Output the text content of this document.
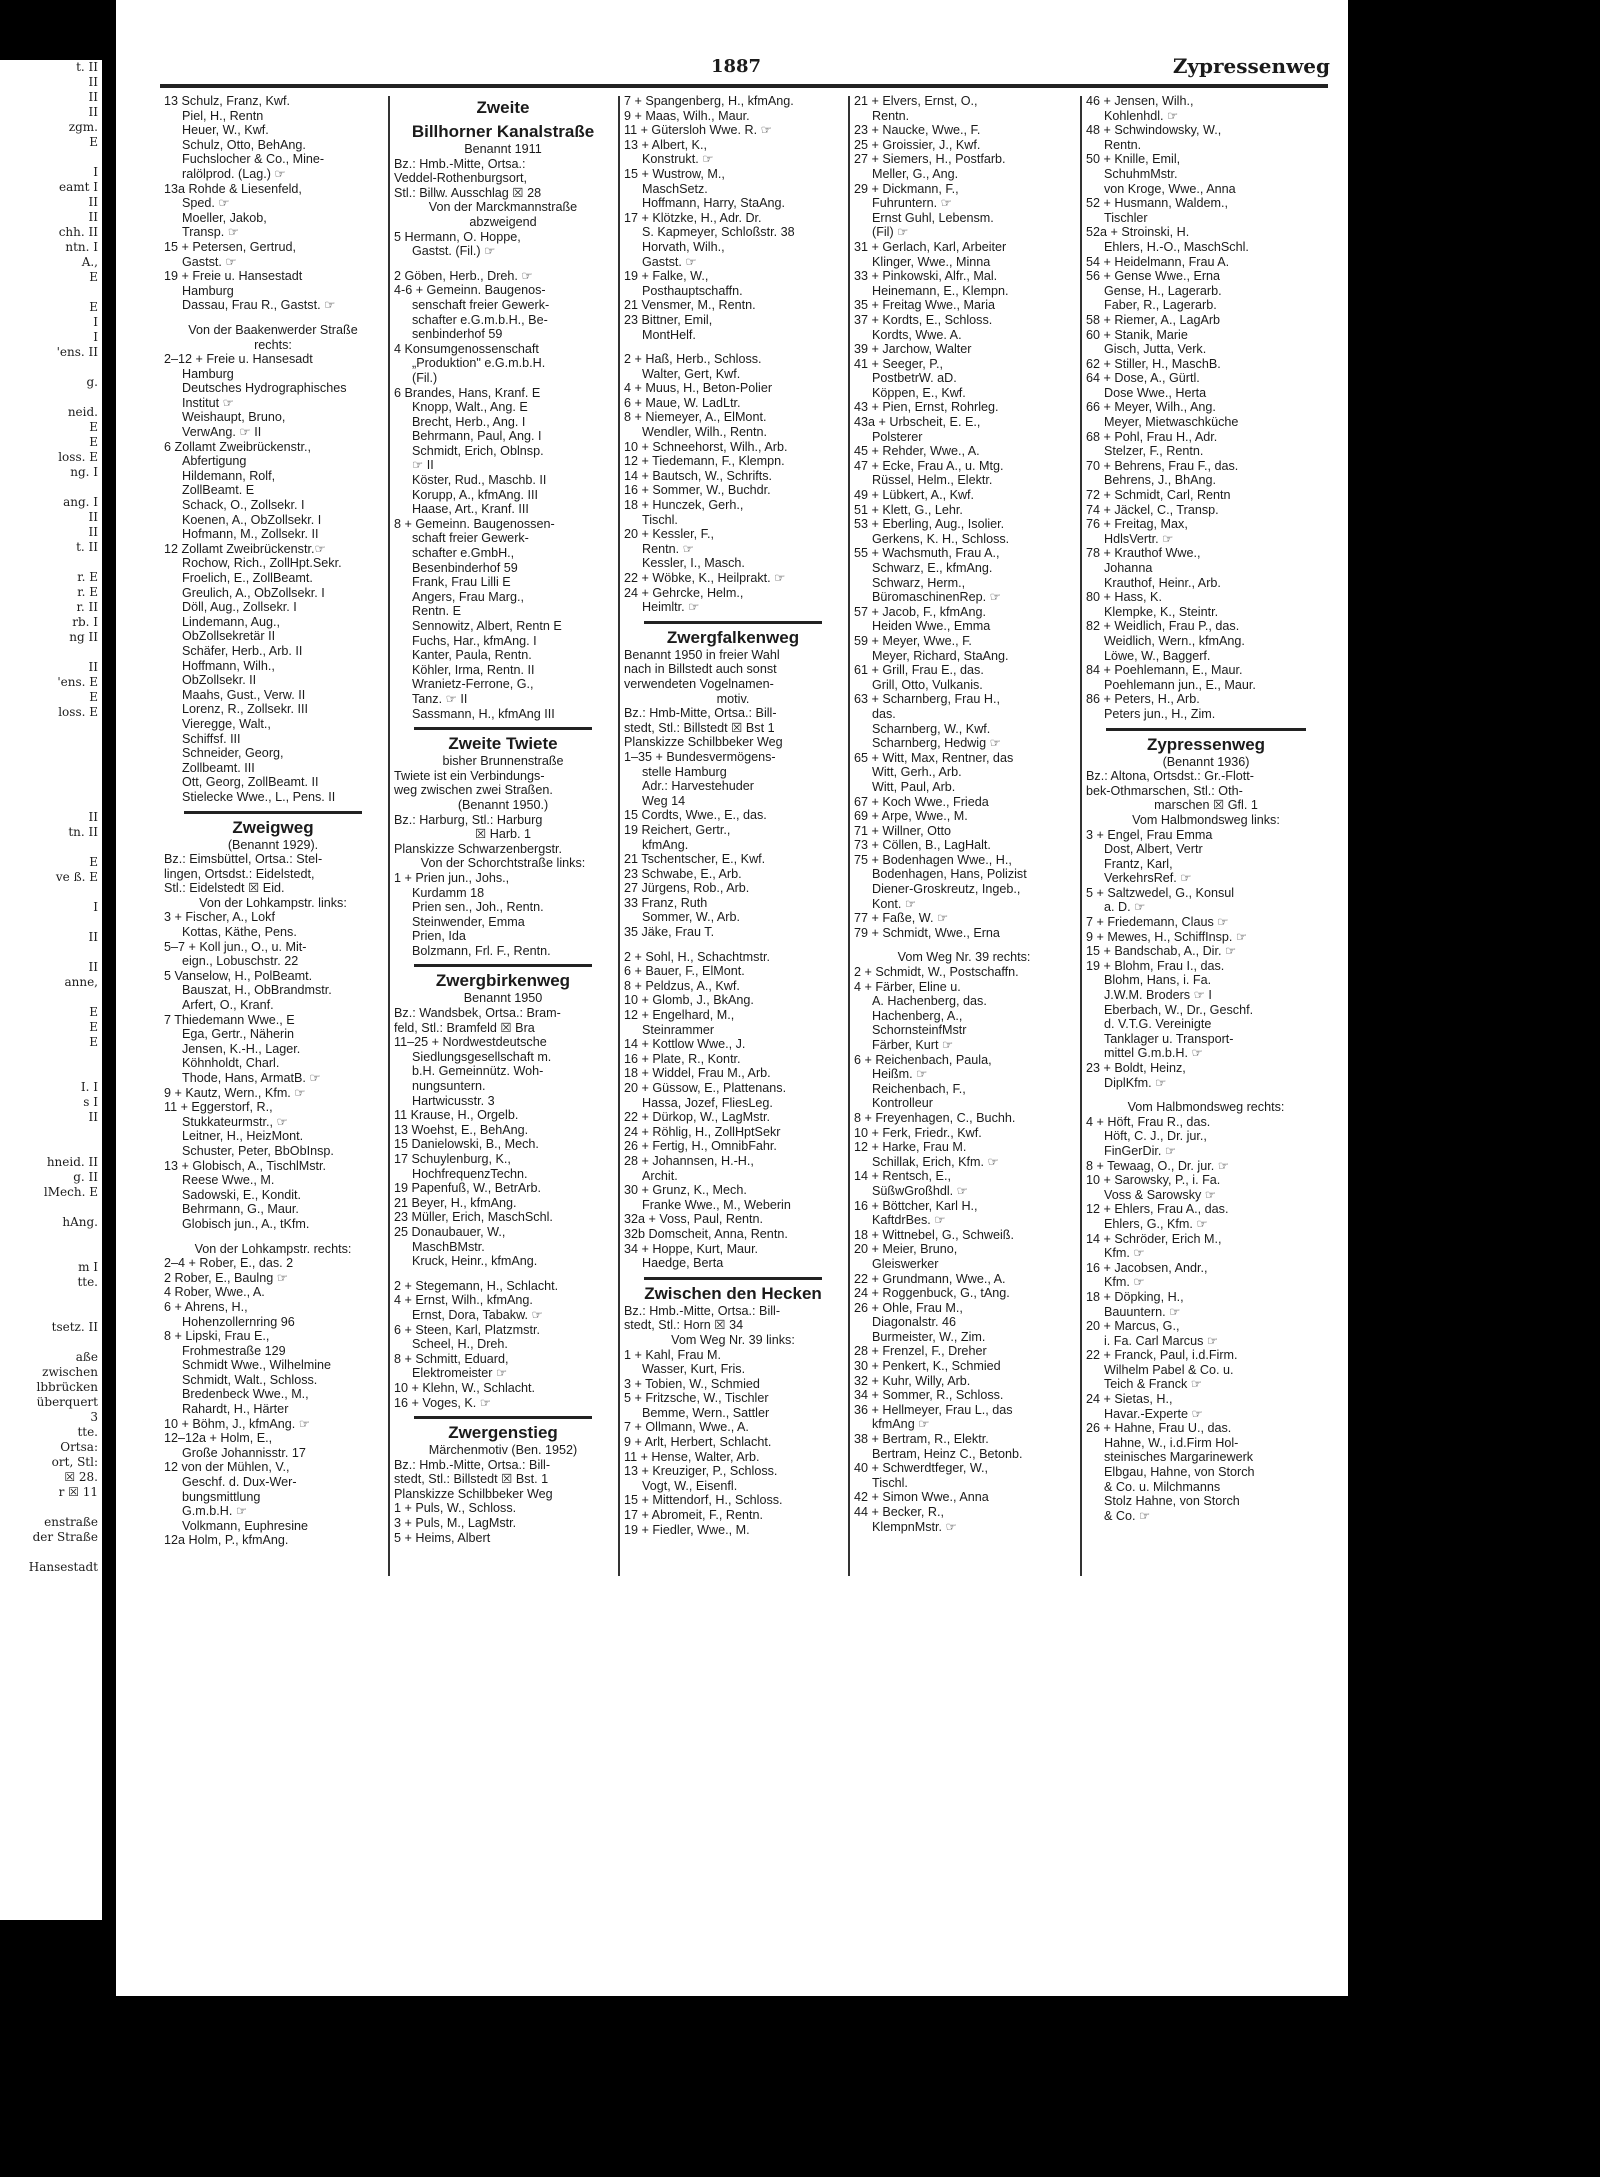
t. II
II
II
II
zgm.
E
I
eamt I
II
II
chh. II
ntn. I
A.,
E
E
I
I
'ens. II
g.
neid.
E
E
loss. E
ng. I
ang. I
II
II
t. II
r. E
r. E
r. II
rb. I
ng II
II
'ens. E
E
loss. E
II
tn. II
E
ve ß. E
I
II
II
anne,
E
E
E
I. I
s I
II
hneid. II
g. II
lMech. E
hAng.
m I
tte.
tsetz. II
aße
zwischen
lbbrücken
überquert
3
tte.
Ortsa:
ort, Stl:
☒ 28.
r ☒ 11
enstraße
der Straße
Hansestadt
1887	Zypressenweg
13 Schulz, Franz, Kwf.
Piel, H., Rentn
Heuer, W., Kwf.
Schulz, Otto, BehAng.
Fuchslocher & Co., Mine-
ralölprod. (Lag.) ☞
13a Rohde & Liesenfeld,
Sped. ☞
Moeller, Jakob,
Transp. ☞
15 + Petersen, Gertrud,
Gastst. ☞
19 + Freie u. Hansestadt
Hamburg
Dassau, Frau R., Gastst. ☞
Von der Baakenwerder Straße
rechts:
2–12 + Freie u. Hansesadt
Hamburg
Deutsches Hydrographisches
Institut ☞
Weishaupt, Bruno,
VerwAng. ☞ II
6 Zollamt Zweibrückenstr.,
Abfertigung
Hildemann, Rolf,
ZollBeamt. E
Schack, O., Zollsekr. I
Koenen, A., ObZollsekr. I
Hofmann, M., Zollsekr. II
12 Zollamt Zweibrückenstr.☞
Rochow, Rich., ZollHpt.Sekr.
Froelich, E., ZollBeamt.
Greulich, A., ObZollsekr. I
Döll, Aug., Zollsekr. I
Lindemann, Aug.,
ObZollsekretär II
Schäfer, Herb., Arb. II
Hoffmann, Wilh.,
ObZollsekr. II
Maahs, Gust., Verw. II
Lorenz, R., Zollsekr. III
Vieregge, Walt.,
Schiffsf. III
Schneider, Georg,
Zollbeamt. III
Ott, Georg, ZollBeamt. II
Stielecke Wwe., L., Pens. II
Zweigweg
(Benannt 1929).
Bz.: Eimsbüttel, Ortsa.: Stel-
lingen, Ortsdst.: Eidelstedt,
Stl.: Eidelstedt ☒ Eid.
Von der Lohkampstr. links:
3 + Fischer, A., Lokf
Kottas, Käthe, Pens.
5–7 + Koll jun., O., u. Mit-
eign., Lobuschstr. 22
5 Vanselow, H., PolBeamt.
Bauszat, H., ObBrandmstr.
Arfert, O., Kranf.
7 Thiedemann Wwe., E
Ega, Gertr., Näherin
Jensen, K.-H., Lager.
Köhnholdt, Charl.
Thode, Hans, ArmatB. ☞
9 + Kautz, Wern., Kfm. ☞
11 + Eggerstorf, R.,
Stukkateurmstr., ☞
Leitner, H., HeizMont.
Schuster, Peter, BbObInsp.
13 + Globisch, A., TischlMstr.
Reese Wwe., M.
Sadowski, E., Kondit.
Behrmann, G., Maur.
Globisch jun., A., tKfm.
Von der Lohkampstr. rechts:
2–4 + Rober, E., das. 2
2 Rober, E., Baulng ☞
4 Rober, Wwe., A.
6 + Ahrens, H.,
Hohenzollernring 96
8 + Lipski, Frau E.,
Frohmestraße 129
Schmidt Wwe., Wilhelmine
Schmidt, Walt., Schloss.
Bredenbeck Wwe., M.,
Rahardt, H., Härter
10 + Böhm, J., kfmAng. ☞
12–12a + Holm, E.,
Große Johannisstr. 17
12 von der Mühlen, V.,
Geschf. d. Dux-Wer-
bungsmittlung
G.m.b.H. ☞
Volkmann, Euphresine
12a Holm, P., kfmAng.
Zweite
Billhorner Kanalstraße
Benannt 1911
Bz.: Hmb.-Mitte, Ortsa.:
Veddel-Rothenburgsort,
Stl.: Billw. Ausschlag ☒ 28
Von der Marckmannstraße
abzweigend
5 Hermann, O. Hoppe,
Gastst. (Fil.) ☞
2 Göben, Herb., Dreh. ☞
4-6 + Gemeinn. Baugenos-
senschaft freier Gewerk-
schafter e.G.m.b.H., Be-
senbinderhof 59
4 Konsumgenossenschaft
„Produktion" e.G.m.b.H.
(Fil.)
6 Brandes, Hans, Kranf. E
Knopp, Walt., Ang. E
Brecht, Herb., Ang. I
Behrmann, Paul, Ang. I
Schmidt, Erich, Oblnsp.
☞ II
Köster, Rud., Maschb. II
Korupp, A., kfmAng. III
Haase, Art., Kranf. III
8 + Gemeinn. Baugenossen-
schaft freier Gewerk-
schafter e.GmbH.,
Besenbinderhof 59
Frank, Frau Lilli E
Angers, Frau Marg.,
Rentn. E
Sennowitz, Albert, Rentn E
Fuchs, Har., kfmAng. I
Kanter, Paula, Rentn.
Köhler, Irma, Rentn. II
Wranietz-Ferrone, G.,
Tanz. ☞ II
Sassmann, H., kfmAng III
Zweite Twiete
bisher Brunnenstraße
Twiete ist ein Verbindungs-
weg zwischen zwei Straßen.
(Benannt 1950.)
Bz.: Harburg, Stl.: Harburg
☒ Harb. 1
Planskizze Schwarzenbergstr.
Von der Schorchtstraße links:
1 + Prien jun., Johs.,
Kurdamm 18
Prien sen., Joh., Rentn.
Steinwender, Emma
Prien, Ida
Bolzmann, Frl. F., Rentn.
Zwergbirkenweg
Benannt 1950
Bz.: Wandsbek, Ortsa.: Bram-
feld, Stl.: Bramfeld ☒ Bra
11–25 + Nordwestdeutsche
Siedlungsgesellschaft m.
b.H. Gemeinnütz. Woh-
nungsuntern.
Hartwicusstr. 3
11 Krause, H., Orgelb.
13 Woehst, E., BehAng.
15 Danielowski, B., Mech.
17 Schuylenburg, K.,
HochfrequenzTechn.
19 Papenfuß, W., BetrArb.
21 Beyer, H., kfmAng.
23 Müller, Erich, MaschSchl.
25 Donaubauer, W.,
MaschBMstr.
Kruck, Heinr., kfmAng.
2 + Stegemann, H., Schlacht.
4 + Ernst, Wilh., kfmAng.
Ernst, Dora, Tabakw. ☞
6 + Steen, Karl, Platzmstr.
Scheel, H., Dreh.
8 + Schmitt, Eduard,
Elektromeister ☞
10 + Klehn, W., Schlacht.
16 + Voges, K. ☞
Zwergenstieg
Märchenmotiv (Ben. 1952)
Bz.: Hmb.-Mitte, Ortsa.: Bill-
stedt, Stl.: Billstedt ☒ Bst. 1
Planskizze Schilbbeker Weg
1 + Puls, W., Schloss.
3 + Puls, M., LagMstr.
5 + Heims, Albert
7 + Spangenberg, H., kfmAng.
9 + Maas, Wilh., Maur.
11 + Gütersloh Wwe. R. ☞
13 + Albert, K.,
Konstrukt. ☞
15 + Wustrow, M.,
MaschSetz.
Hoffmann, Harry, StaAng.
17 + Klötzke, H., Adr. Dr.
S. Kapmeyer, Schloßstr. 38
Horvath, Wilh.,
Gastst. ☞
19 + Falke, W.,
Posthauptschaffn.
21 Vensmer, M., Rentn.
23 Bittner, Emil,
MontHelf.
2 + Haß, Herb., Schloss.
Walter, Gert, Kwf.
4 + Muus, H., Beton-Polier
6 + Maue, W. LadLtr.
8 + Niemeyer, A., ElMont.
Wendler, Wilh., Rentn.
10 + Schneehorst, Wilh., Arb.
12 + Tiedemann, F., Klempn.
14 + Bautsch, W., Schrifts.
16 + Sommer, W., Buchdr.
18 + Hunczek, Gerh.,
Tischl.
20 + Kessler, F.,
Rentn. ☞
Kessler, I., Masch.
22 + Wöbke, K., Heilprakt. ☞
24 + Gehrcke, Helm.,
Heimltr. ☞
Zwergfalkenweg
Benannt 1950 in freier Wahl
nach in Billstedt auch sonst
verwendeten Vogelnamen-
motiv.
Bz.: Hmb-Mitte, Ortsa.: Bill-
stedt, Stl.: Billstedt ☒ Bst 1
Planskizze Schilbbeker Weg
1–35 + Bundesvermögens-
stelle Hamburg
Adr.: Harvestehuder
Weg 14
15 Cordts, Wwe., E., das.
19 Reichert, Gertr.,
kfmAng.
21 Tschentscher, E., Kwf.
23 Schwabe, E., Arb.
27 Jürgens, Rob., Arb.
33 Franz, Ruth
Sommer, W., Arb.
35 Jäke, Frau T.
2 + Sohl, H., Schachtmstr.
6 + Bauer, F., ElMont.
8 + Peldzus, A., Kwf.
10 + Glomb, J., BkAng.
12 + Engelhard, M.,
Steinrammer
14 + Kottlow Wwe., J.
16 + Plate, R., Kontr.
18 + Widdel, Frau M., Arb.
20 + Güssow, E., Plattenans.
Hassa, Jozef, FliesLeg.
22 + Dürkop, W., LagMstr.
24 + Röhlig, H., ZollHptSekr
26 + Fertig, H., OmnibFahr.
28 + Johannsen, H.-H.,
Archit.
30 + Grunz, K., Mech.
Franke Wwe., M., Weberin
32a + Voss, Paul, Rentn.
32b Domscheit, Anna, Rentn.
34 + Hoppe, Kurt, Maur.
Haedge, Berta
Zwischen den Hecken
Bz.: Hmb.-Mitte, Ortsa.: Bill-
stedt, Stl.: Horn ☒ 34
Vom Weg Nr. 39 links:
1 + Kahl, Frau M.
Wasser, Kurt, Fris.
3 + Tobien, W., Schmied
5 + Fritzsche, W., Tischler
Bemme, Wern., Sattler
7 + Ollmann, Wwe., A.
9 + Arlt, Herbert, Schlacht.
11 + Hense, Walter, Arb.
13 + Kreuziger, P., Schloss.
Vogt, W., Eisenfl.
15 + Mittendorf, H., Schloss.
17 + Abromeit, F., Rentn.
19 + Fiedler, Wwe., M.
21 + Elvers, Ernst, O.,
Rentn.
23 + Naucke, Wwe., F.
25 + Groissier, J., Kwf.
27 + Siemers, H., Postfarb.
Meller, G., Ang.
29 + Dickmann, F.,
Fuhruntern. ☞
Ernst Guhl, Lebensm.
(Fil) ☞
31 + Gerlach, Karl, Arbeiter
Klinger, Wwe., Minna
33 + Pinkowski, Alfr., Mal.
Heinemann, E., Klempn.
35 + Freitag Wwe., Maria
37 + Kordts, E., Schloss.
Kordts, Wwe. A.
39 + Jarchow, Walter
41 + Seeger, P.,
PostbetrW. aD.
Köppen, E., Kwf.
43 + Pien, Ernst, Rohrleg.
43a + Urbscheit, E. E.,
Polsterer
45 + Rehder, Wwe., A.
47 + Ecke, Frau A., u. Mtg.
Rüssel, Helm., Elektr.
49 + Lübkert, A., Kwf.
51 + Klett, G., Lehr.
53 + Eberling, Aug., Isolier.
Gerkens, K. H., Schloss.
55 + Wachsmuth, Frau A.,
Schwarz, E., kfmAng.
Schwarz, Herm.,
BüromaschinenRep. ☞
57 + Jacob, F., kfmAng.
Heiden Wwe., Emma
59 + Meyer, Wwe., F.
Meyer, Richard, StaAng.
61 + Grill, Frau E., das.
Grill, Otto, Vulkanis.
63 + Scharnberg, Frau H.,
das.
Scharnberg, W., Kwf.
Scharnberg, Hedwig ☞
65 + Witt, Max, Rentner, das
Witt, Gerh., Arb.
Witt, Paul, Arb.
67 + Koch Wwe., Frieda
69 + Arpe, Wwe., M.
71 + Willner, Otto
73 + Cöllen, B., LagHalt.
75 + Bodenhagen Wwe., H.,
Bodenhagen, Hans, Polizist
Diener-Groskreutz, Ingeb.,
Kont. ☞
77 + Faße, W. ☞
79 + Schmidt, Wwe., Erna
Vom Weg Nr. 39 rechts:
2 + Schmidt, W., Postschaffn.
4 + Färber, Eline u.
A. Hachenberg, das.
Hachenberg, A.,
SchornsteinfMstr
Färber, Kurt ☞
6 + Reichenbach, Paula,
Heißm. ☞
Reichenbach, F.,
Kontrolleur
8 + Freyenhagen, C., Buchh.
10 + Ferk, Friedr., Kwf.
12 + Harke, Frau M.
Schillak, Erich, Kfm. ☞
14 + Rentsch, E.,
SüßwGroßhdl. ☞
16 + Böttcher, Karl H.,
KaftdrBes. ☞
18 + Wittnebel, G., Schweiß.
20 + Meier, Bruno,
Gleiswerker
22 + Grundmann, Wwe., A.
24 + Roggenbuck, G., tAng.
26 + Ohle, Frau M.,
Diagonalstr. 46
Burmeister, W., Zim.
28 + Frenzel, F., Dreher
30 + Penkert, K., Schmied
32 + Kuhr, Willy, Arb.
34 + Sommer, R., Schloss.
36 + Hellmeyer, Frau L., das
kfmAng ☞
38 + Bertram, R., Elektr.
Bertram, Heinz C., Betonb.
40 + Schwerdtfeger, W.,
Tischl.
42 + Simon Wwe., Anna
44 + Becker, R.,
KlempnMstr. ☞
46 + Jensen, Wilh.,
Kohlenhdl. ☞
48 + Schwindowsky, W.,
Rentn.
50 + Knille, Emil,
SchuhmMstr.
von Kroge, Wwe., Anna
52 + Husmann, Waldem.,
Tischler
52a + Stroinski, H.
Ehlers, H.-O., MaschSchl.
54 + Heidelmann, Frau A.
56 + Gense Wwe., Erna
Gense, H., Lagerarb.
Faber, R., Lagerarb.
58 + Riemer, A., LagArb
60 + Stanik, Marie
Gisch, Jutta, Verk.
62 + Stiller, H., MaschB.
64 + Dose, A., Gürtl.
Dose Wwe., Herta
66 + Meyer, Wilh., Ang.
Meyer, Mietwaschküche
68 + Pohl, Frau H., Adr.
Stelzer, F., Rentn.
70 + Behrens, Frau F., das.
Behrens, J., BhAng.
72 + Schmidt, Carl, Rentn
74 + Jäckel, C., Transp.
76 + Freitag, Max,
HdlsVertr. ☞
78 + Krauthof Wwe.,
Johanna
Krauthof, Heinr., Arb.
80 + Hass, K.
Klempke, K., Steintr.
82 + Weidlich, Frau P., das.
Weidlich, Wern., kfmAng.
Löwe, W., Baggerf.
84 + Poehlemann, E., Maur.
Poehlemann jun., E., Maur.
86 + Peters, H., Arb.
Peters jun., H., Zim.
Zypressenweg
(Benannt 1936)
Bz.: Altona, Ortsdst.: Gr.-Flott-
bek-Othmarschen, Stl.: Oth-
marschen ☒ Gfl. 1
Vom Halbmondsweg links:
3 + Engel, Frau Emma
Dost, Albert, Vertr
Frantz, Karl,
VerkehrsRef. ☞
5 + Saltzwedel, G., Konsul
a. D. ☞
7 + Friedemann, Claus ☞
9 + Mewes, H., SchiffInsp. ☞
15 + Bandschab, A., Dir. ☞
19 + Blohm, Frau I., das.
Blohm, Hans, i. Fa.
J.W.M. Broders ☞ I
Eberbach, W., Dr., Geschf.
d. V.T.G. Vereinigte
Tanklager u. Transport-
mittel G.m.b.H. ☞
23 + Boldt, Heinz,
DiplKfm. ☞
Vom Halbmondsweg rechts:
4 + Höft, Frau R., das.
Höft, C. J., Dr. jur.,
FinGerDir. ☞
8 + Tewaag, O., Dr. jur. ☞
10 + Sarowsky, P., i. Fa.
Voss & Sarowsky ☞
12 + Ehlers, Frau A., das.
Ehlers, G., Kfm. ☞
14 + Schröder, Erich M.,
Kfm. ☞
16 + Jacobsen, Andr.,
Kfm. ☞
18 + Döpking, H.,
Bauuntern. ☞
20 + Marcus, G.,
i. Fa. Carl Marcus ☞
22 + Franck, Paul, i.d.Firm.
Wilhelm Pabel & Co. u.
Teich & Franck ☞
24 + Sietas, H.,
Havar.-Experte ☞
26 + Hahne, Frau U., das.
Hahne, W., i.d.Firm Hol-
steinisches Margarinewerk
Elbgau, Hahne, von Storch
& Co. u. Milchmanns
Stolz Hahne, von Storch
& Co. ☞
